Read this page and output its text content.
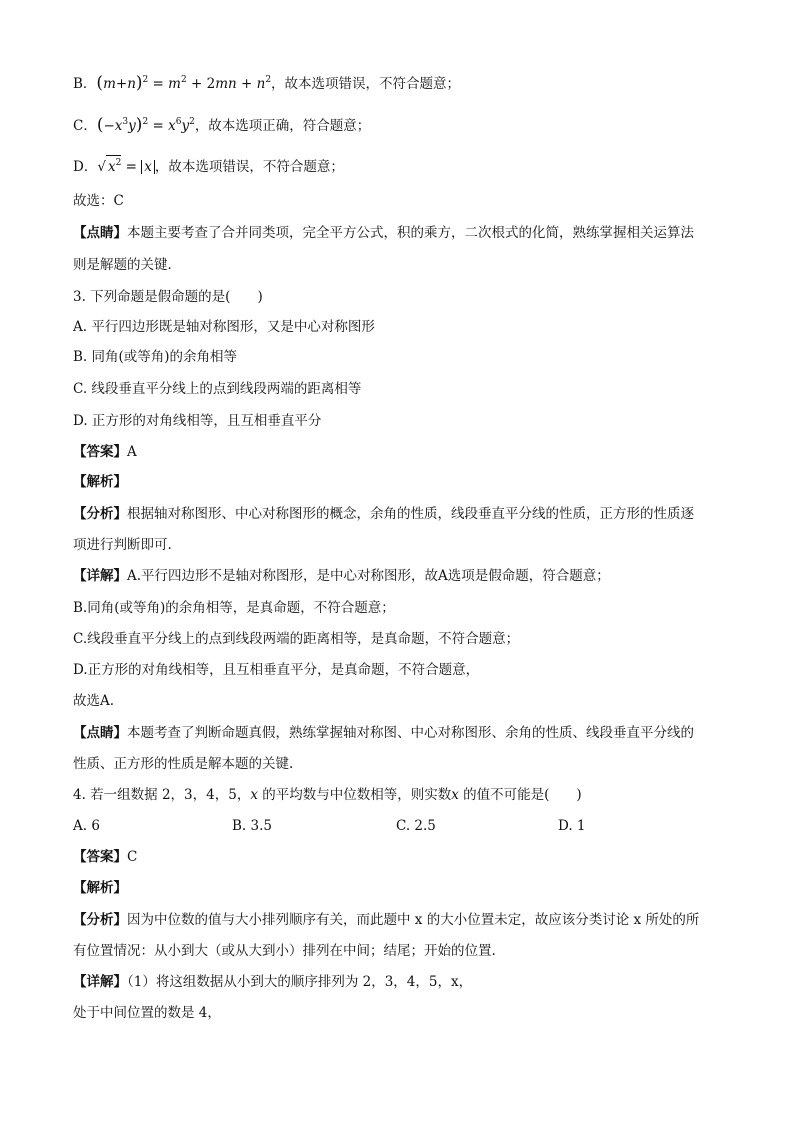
B．$(m+n)^2 = m^2 + 2mn + n^2$，故本选项错误，不符合题意；
C．$(-x^3y)^2 = x^6y^2$，故本选项正确，符合题意；
D．√ $x^2 = x$ ，故本选项错误，不符合题意；
故选：C
【点睛】本题主要考查了合并同类项，完全平方公式，积的乘方，二次根式的化简，熟练掌握相关运算法
则是解题的关键．
3. 下列命题是假命题的是(　　)
A. 平行四边形既是轴对称图形，又是中心对称图形
B. 同角(或等角)的余角相等
C. 线段垂直平分线上的点到线段两端的距离相等
D. 正方形的对角线相等，且互相垂直平分
【答案】A
【解析】
【分析】根据轴对称图形、中心对称图形的概念，余角的性质，线段垂直平分线的性质，正方形的性质逐
项进行判断即可.
【详解】A.平行四边形不是轴对称图形，是中心对称图形，故A选项是假命题，符合题意；
B.同角(或等角)的余角相等，是真命题，不符合题意；
C.线段垂直平分线上的点到线段两端的距离相等，是真命题，不符合题意；
D.正方形的对角线相等，且互相垂直平分，是真命题，不符合题意，
故选A.
【点睛】本题考查了判断命题真假，熟练掌握轴对称图、中心对称图形、余角的性质、线段垂直平分线的
性质、正方形的性质是解本题的关键.
4. 若一组数据 2，3，4，5，x 的平均数与中位数相等，则实数x 的值不可能是(　　)
A. 6	B. 3.5	C. 2.5	D. 1
【答案】C
【解析】
【分析】因为中位数的值与大小排列顺序有关，而此题中 x 的大小位置未定，故应该分类讨论 x 所处的所
有位置情况：从小到大（或从大到小）排列在中间；结尾；开始的位置.
【详解】（1）将这组数据从小到大的顺序排列为 2，3，4，5，x，
处于中间位置的数是 4，
